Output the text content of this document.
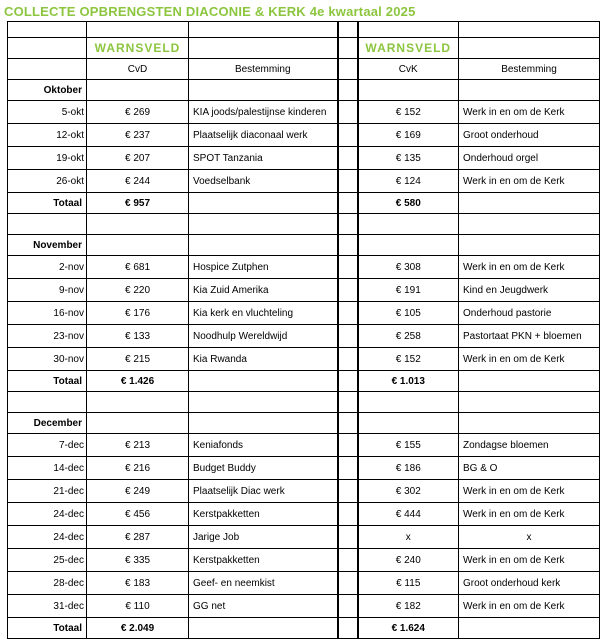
COLLECTE OPBRENGSTEN DIACONIE & KERK 4e kwartaal 2025

	WARNSVELD			WARNSVELD	
	CvD	Bestemming		CvK	Bestemming
Oktober					
5-okt	€ 269	KIA joods/palestijnse kinderen		€ 152	Werk in en om de Kerk
12-okt	€ 237	Plaatselijk diaconaal werk		€ 169	Groot onderhoud
19-okt	€ 207	SPOT Tanzania		€ 135	Onderhoud orgel
26-okt	€ 244	Voedselbank		€ 124	Werk in en om de Kerk
Totaal	€ 957			€ 580	

November					
2-nov	€ 681	Hospice Zutphen		€ 308	Werk in en om de Kerk
9-nov	€ 220	Kia Zuid Amerika		€ 191	Kind en Jeugdwerk
16-nov	€ 176	Kia kerk en vluchteling		€ 105	Onderhoud pastorie
23-nov	€ 133	Noodhulp Wereldwijd		€ 258	Pastortaat PKN + bloemen
30-nov	€ 215	Kia Rwanda		€ 152	Werk in en om de Kerk
Totaal	€ 1.426			€ 1.013	

December					
7-dec	€ 213	Keniafonds		€ 155	Zondagse bloemen
14-dec	€ 216	Budget Buddy		€ 186	BG & O
21-dec	€ 249	Plaatselijk Diac werk		€ 302	Werk in en om de Kerk
24-dec	€ 456	Kerstpakketten		€ 444	Werk in en om de Kerk
24-dec	€ 287	Jarige Job		x	x
25-dec	€ 335	Kerstpakketten		€ 240	Werk in en om de Kerk
28-dec	€ 183	Geef- en neemkist		€ 115	Groot onderhoud kerk
31-dec	€ 110	GG net		€ 182	Werk in en om de Kerk
Totaal	€ 2.049			€ 1.624	
